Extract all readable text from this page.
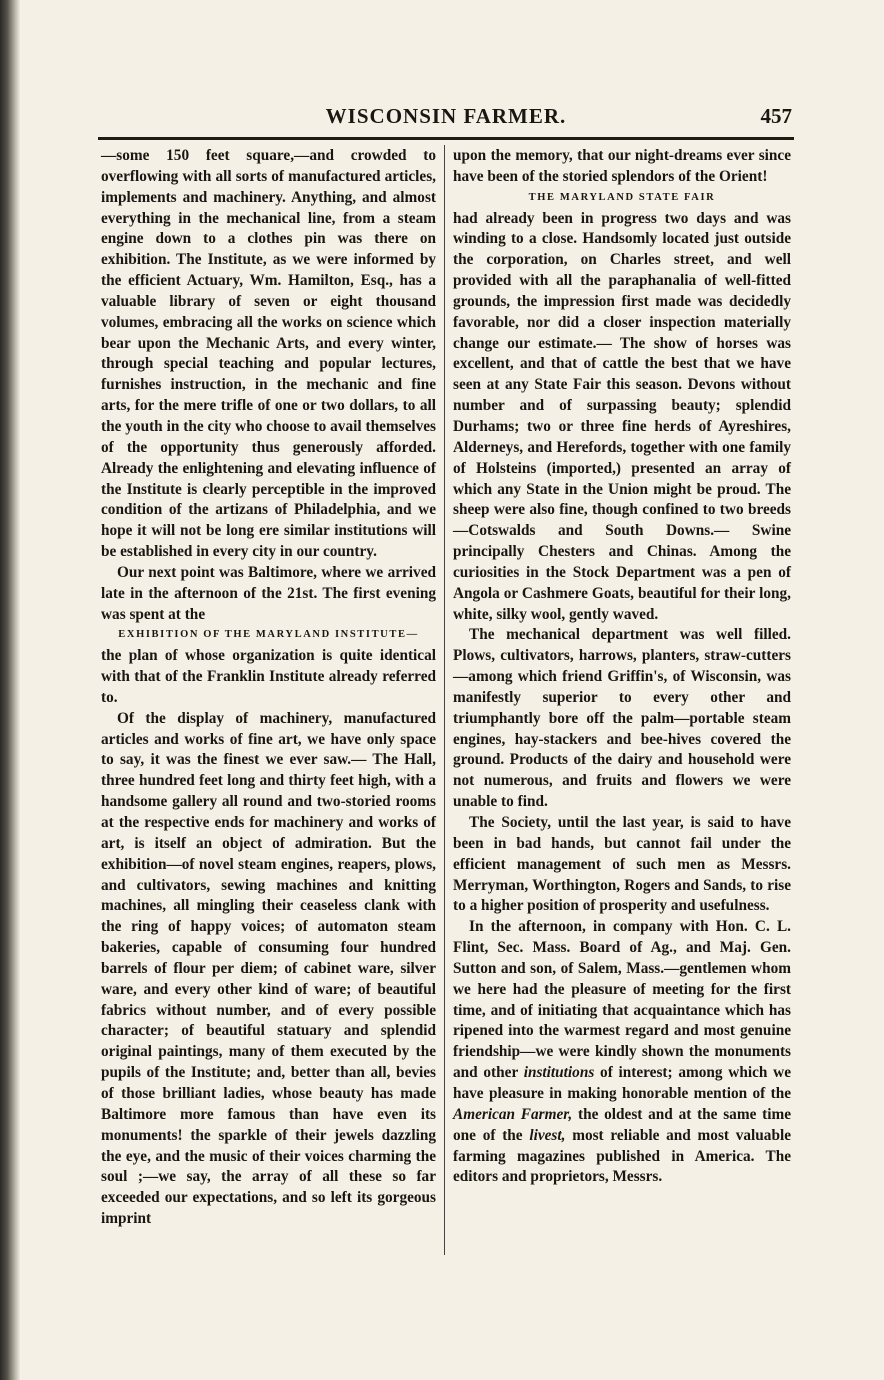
WISCONSIN FARMER.	457

—some 150 feet square,—and crowded to overflowing with all sorts of manufactured articles, implements and machinery. Anything, and almost everything in the mechanical line, from a steam engine down to a clothes pin was there on exhibition. The Institute, as we were informed by the efficient Actuary, Wm. Hamilton, Esq., has a valuable library of seven or eight thousand volumes, embracing all the works on science which bear upon the Mechanic Arts, and every winter, through special teaching and popular lectures, furnishes instruction, in the mechanic and fine arts, for the mere trifle of one or two dollars, to all the youth in the city who choose to avail themselves of the opportunity thus generously afforded. Already the enlightening and elevating influence of the Institute is clearly perceptible in the improved condition of the artizans of Philadelphia, and we hope it will not be long ere similar institutions will be established in every city in our country.

Our next point was Baltimore, where we arrived late in the afternoon of the 21st. The first evening was spent at the

EXHIBITION OF THE MARYLAND INSTITUTE—

the plan of whose organization is quite identical with that of the Franklin Institute already referred to.

Of the display of machinery, manufactured articles and works of fine art, we have only space to say, it was the finest we ever saw.— The Hall, three hundred feet long and thirty feet high, with a handsome gallery all round and two-storied rooms at the respective ends for machinery and works of art, is itself an object of admiration. But the exhibition—of novel steam engines, reapers, plows, and cultivators, sewing machines and knitting machines, all mingling their ceaseless clank with the ring of happy voices; of automaton steam bakeries, capable of consuming four hundred barrels of flour per diem; of cabinet ware, silver ware, and every other kind of ware; of beautiful fabrics without number, and of every possible character; of beautiful statuary and splendid original paintings, many of them executed by the pupils of the Institute; and, better than all, bevies of those brilliant ladies, whose beauty has made Baltimore more famous than have even its monuments! the sparkle of their jewels dazzling the eye, and the music of their voices charming the soul ;—we say, the array of all these so far exceeded our expectations, and so left its gorgeous imprint

upon the memory, that our night-dreams ever since have been of the storied splendors of the Orient!

THE MARYLAND STATE FAIR

had already been in progress two days and was winding to a close. Handsomly located just outside the corporation, on Charles street, and well provided with all the paraphanalia of well-fitted grounds, the impression first made was decidedly favorable, nor did a closer inspection materially change our estimate.— The show of horses was excellent, and that of cattle the best that we have seen at any State Fair this season. Devons without number and of surpassing beauty; splendid Durhams; two or three fine herds of Ayreshires, Alderneys, and Herefords, together with one family of Holsteins (imported,) presented an array of which any State in the Union might be proud. The sheep were also fine, though confined to two breeds—Cotswalds and South Downs.— Swine principally Chesters and Chinas. Among the curiosities in the Stock Department was a pen of Angola or Cashmere Goats, beautiful for their long, white, silky wool, gently waved.

The mechanical department was well filled. Plows, cultivators, harrows, planters, straw-cutters—among which friend Griffin's, of Wisconsin, was manifestly superior to every other and triumphantly bore off the palm—portable steam engines, hay-stackers and bee-hives covered the ground. Products of the dairy and household were not numerous, and fruits and flowers we were unable to find.

The Society, until the last year, is said to have been in bad hands, but cannot fail under the efficient management of such men as Messrs. Merryman, Worthington, Rogers and Sands, to rise to a higher position of prosperity and usefulness.

In the afternoon, in company with Hon. C. L. Flint, Sec. Mass. Board of Ag., and Maj. Gen. Sutton and son, of Salem, Mass.—gentlemen whom we here had the pleasure of meeting for the first time, and of initiating that acquaintance which has ripened into the warmest regard and most genuine friendship—we were kindly shown the monuments and other institutions of interest; among which we have pleasure in making honorable mention of the American Farmer, the oldest and at the same time one of the livest, most reliable and most valuable farming magazines published in America. The editors and proprietors, Messrs.
